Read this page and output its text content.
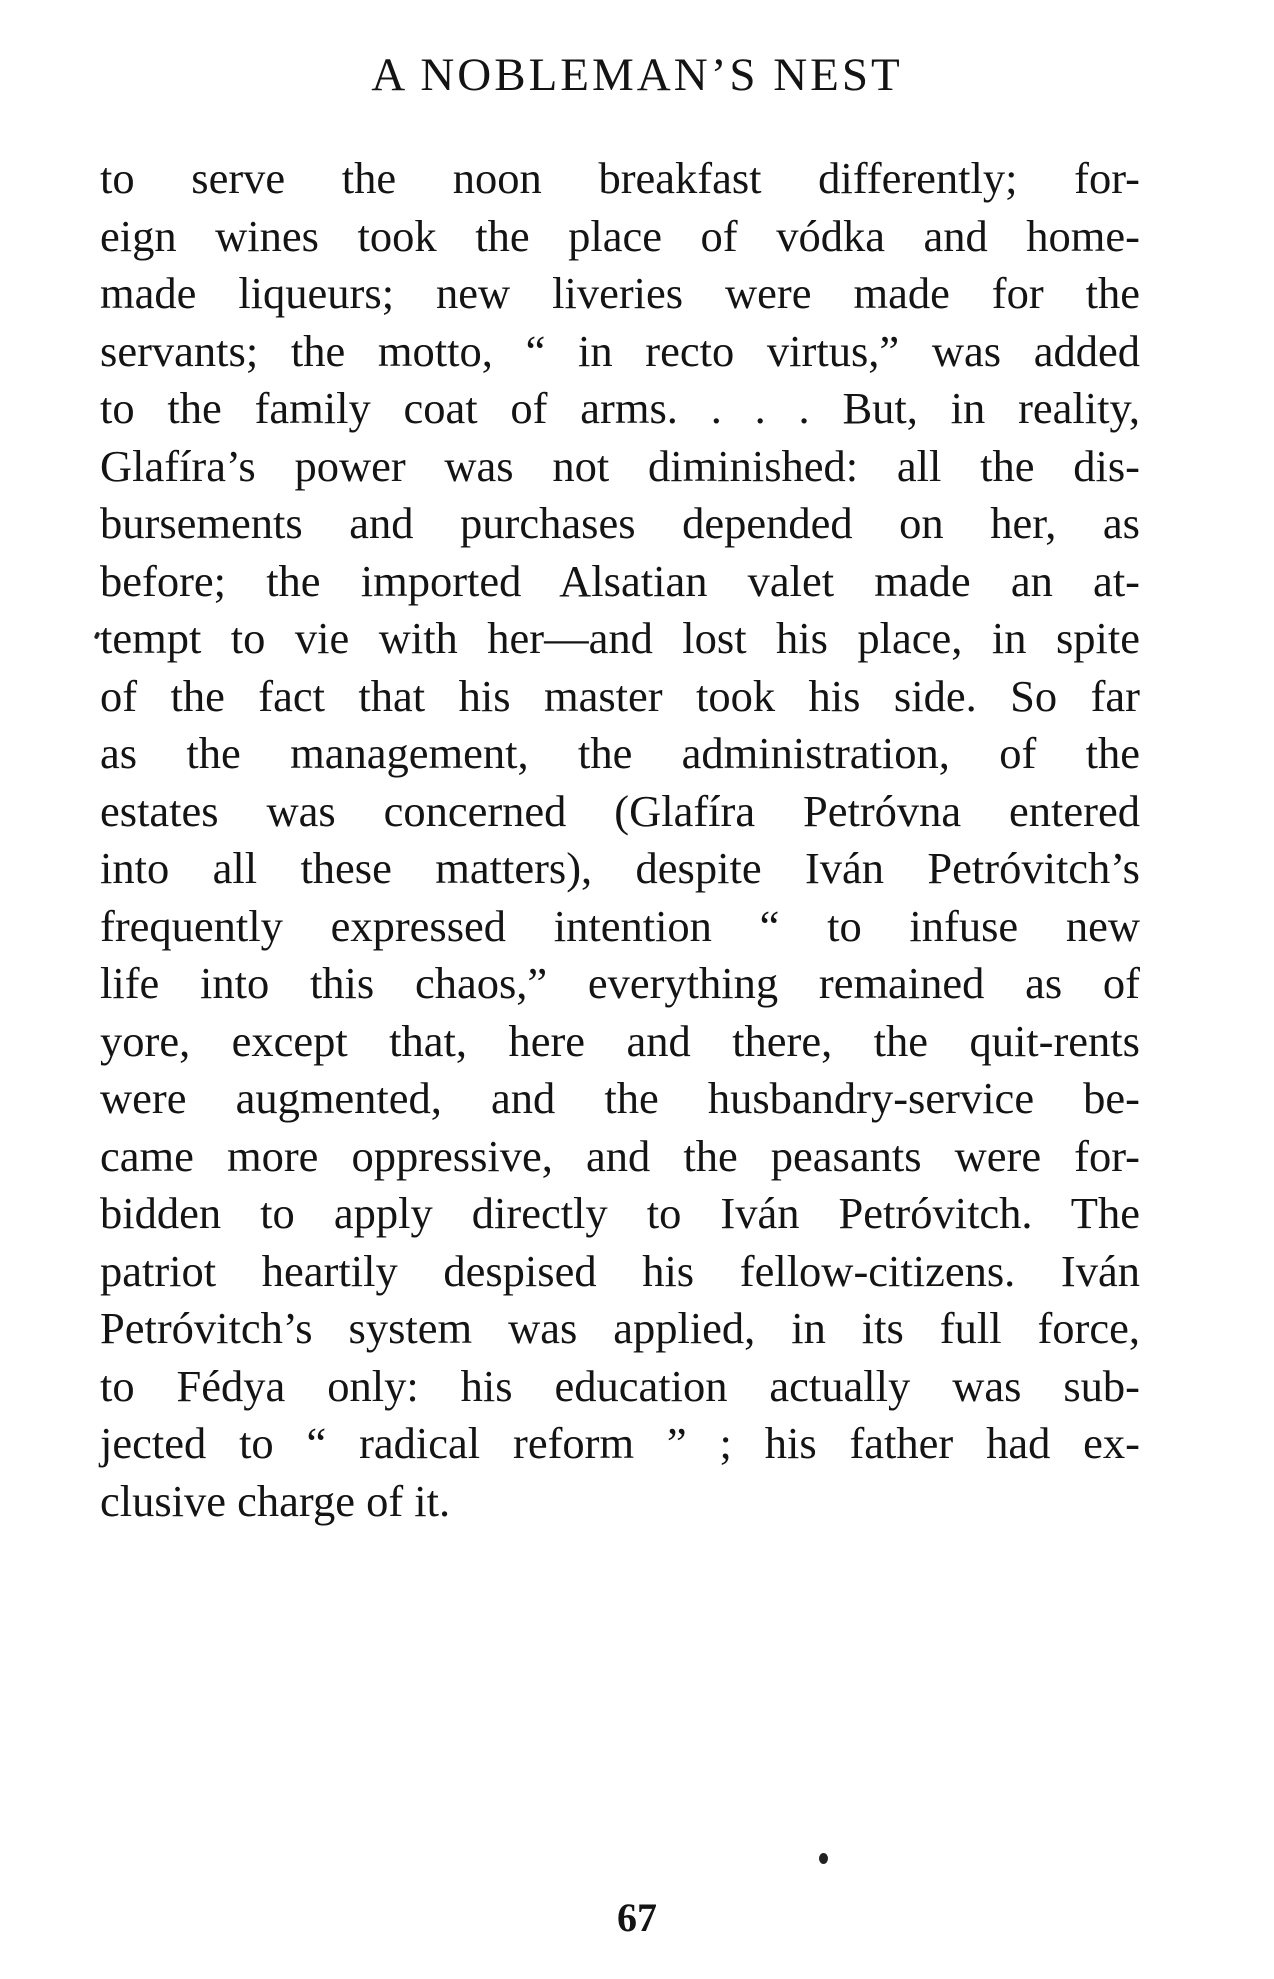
A NOBLEMAN’S NEST
to serve the noon breakfast differently; for-
eign wines took the place of vódka and home-
made liqueurs; new liveries were made for the
servants; the motto, “ in recto virtus,” was added
to the family coat of arms. . . . But, in reality,
Glafíra’s power was not diminished: all the dis-
bursements and purchases depended on her, as
before; the imported Alsatian valet made an at-
tempt to vie with her—and lost his place, in spite
of the fact that his master took his side. So far
as the management, the administration, of the
estates was concerned (Glafíra Petróvna entered
into all these matters), despite Iván Petróvitch’s
frequently expressed intention “ to infuse new
life into this chaos,” everything remained as of
yore, except that, here and there, the quit-rents
were augmented, and the husbandry-service be-
came more oppressive, and the peasants were for-
bidden to apply directly to Iván Petróvitch. The
patriot heartily despised his fellow-citizens. Iván
Petróvitch’s system was applied, in its full force,
to Fédya only: his education actually was sub-
jected to “ radical reform ” ; his father had ex-
clusive charge of it.
67
